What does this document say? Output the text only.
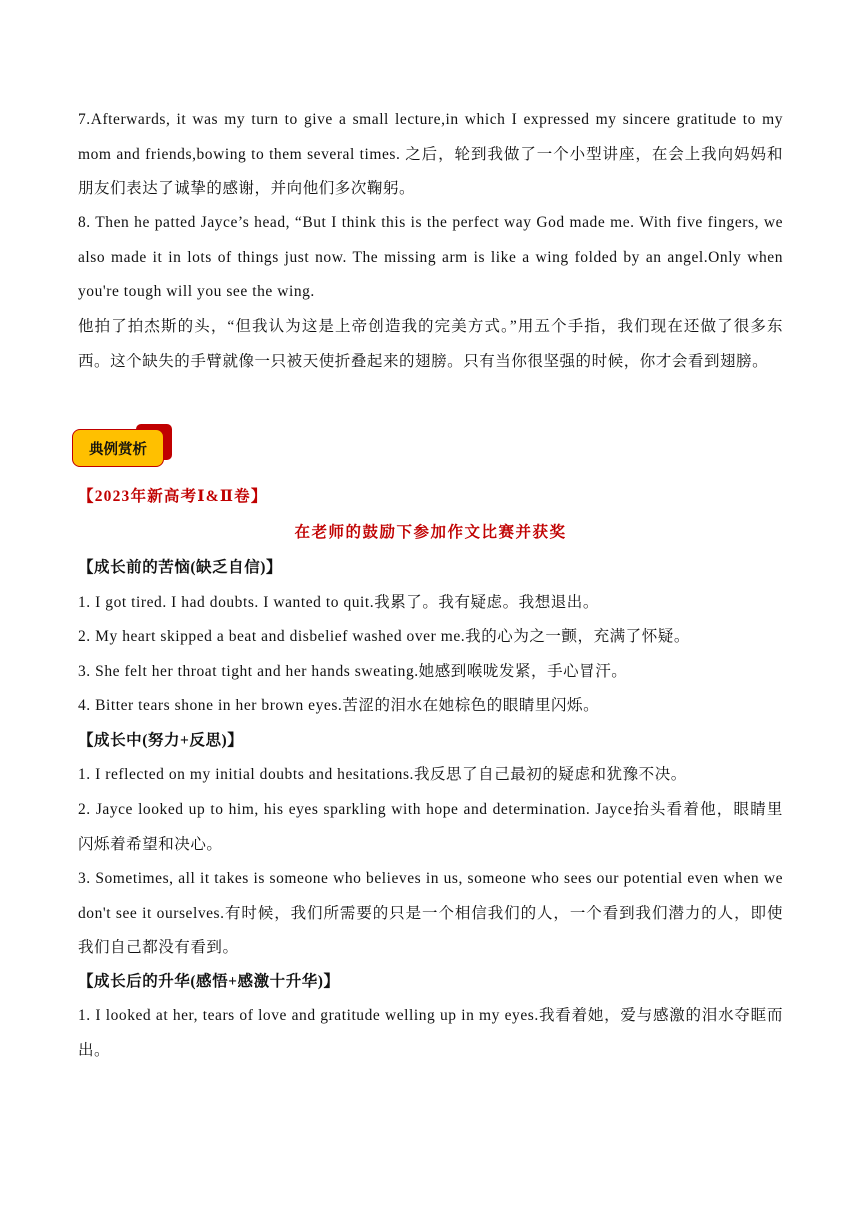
7.Afterwards, it was my turn to give a small lecture,in which I expressed my sincere gratitude to my mom and friends,bowing to them several times. 之后，轮到我做了一个小型讲座，在会上我向妈妈和朋友们表达了诚挚的感谢，并向他们多次鞠躬。

8. Then he patted Jayce’s head, “But I think this is the perfect way God made me. With five fingers, we also made it in lots of things just now. The missing arm is like a wing folded by an angel.Only when you're tough will you see the wing.

他拍了拍杰斯的头，“但我认为这是上帝创造我的完美方式。”用五个手指，我们现在还做了很多东西。这个缺失的手臂就像一只被天使折叠起来的翅膀。只有当你很坚强的时候，你才会看到翅膀。

典例赏析

【2023年新高考Ⅰ&Ⅱ卷】

在老师的鼓励下参加作文比赛并获奖

【成长前的苦恼(缺乏自信)】

1. I got tired. I had doubts. I wanted to quit.我累了。我有疑虑。我想退出。

2. My heart skipped a beat and disbelief washed over me.我的心为之一颤，充满了怀疑。

3. She felt her throat tight and her hands sweating.她感到喉咙发紧，手心冒汗。

4. Bitter tears shone in her brown eyes.苦涩的泪水在她棕色的眼睛里闪烁。

【成长中(努力+反思)】

1. I reflected on my initial doubts and hesitations.我反思了自己最初的疑虑和犹豫不决。

2. Jayce looked up to him, his eyes sparkling with hope and determination. Jayce抬头看着他，眼睛里闪烁着希望和决心。

3. Sometimes, all it takes is someone who believes in us, someone who sees our potential even when we don't see it ourselves.有时候，我们所需要的只是一个相信我们的人，一个看到我们潜力的人，即使我们自己都没有看到。

【成长后的升华(感悟+感激十升华)】

1. I looked at her, tears of love and gratitude welling up in my eyes.我看着她，爱与感激的泪水夺眶而出。
